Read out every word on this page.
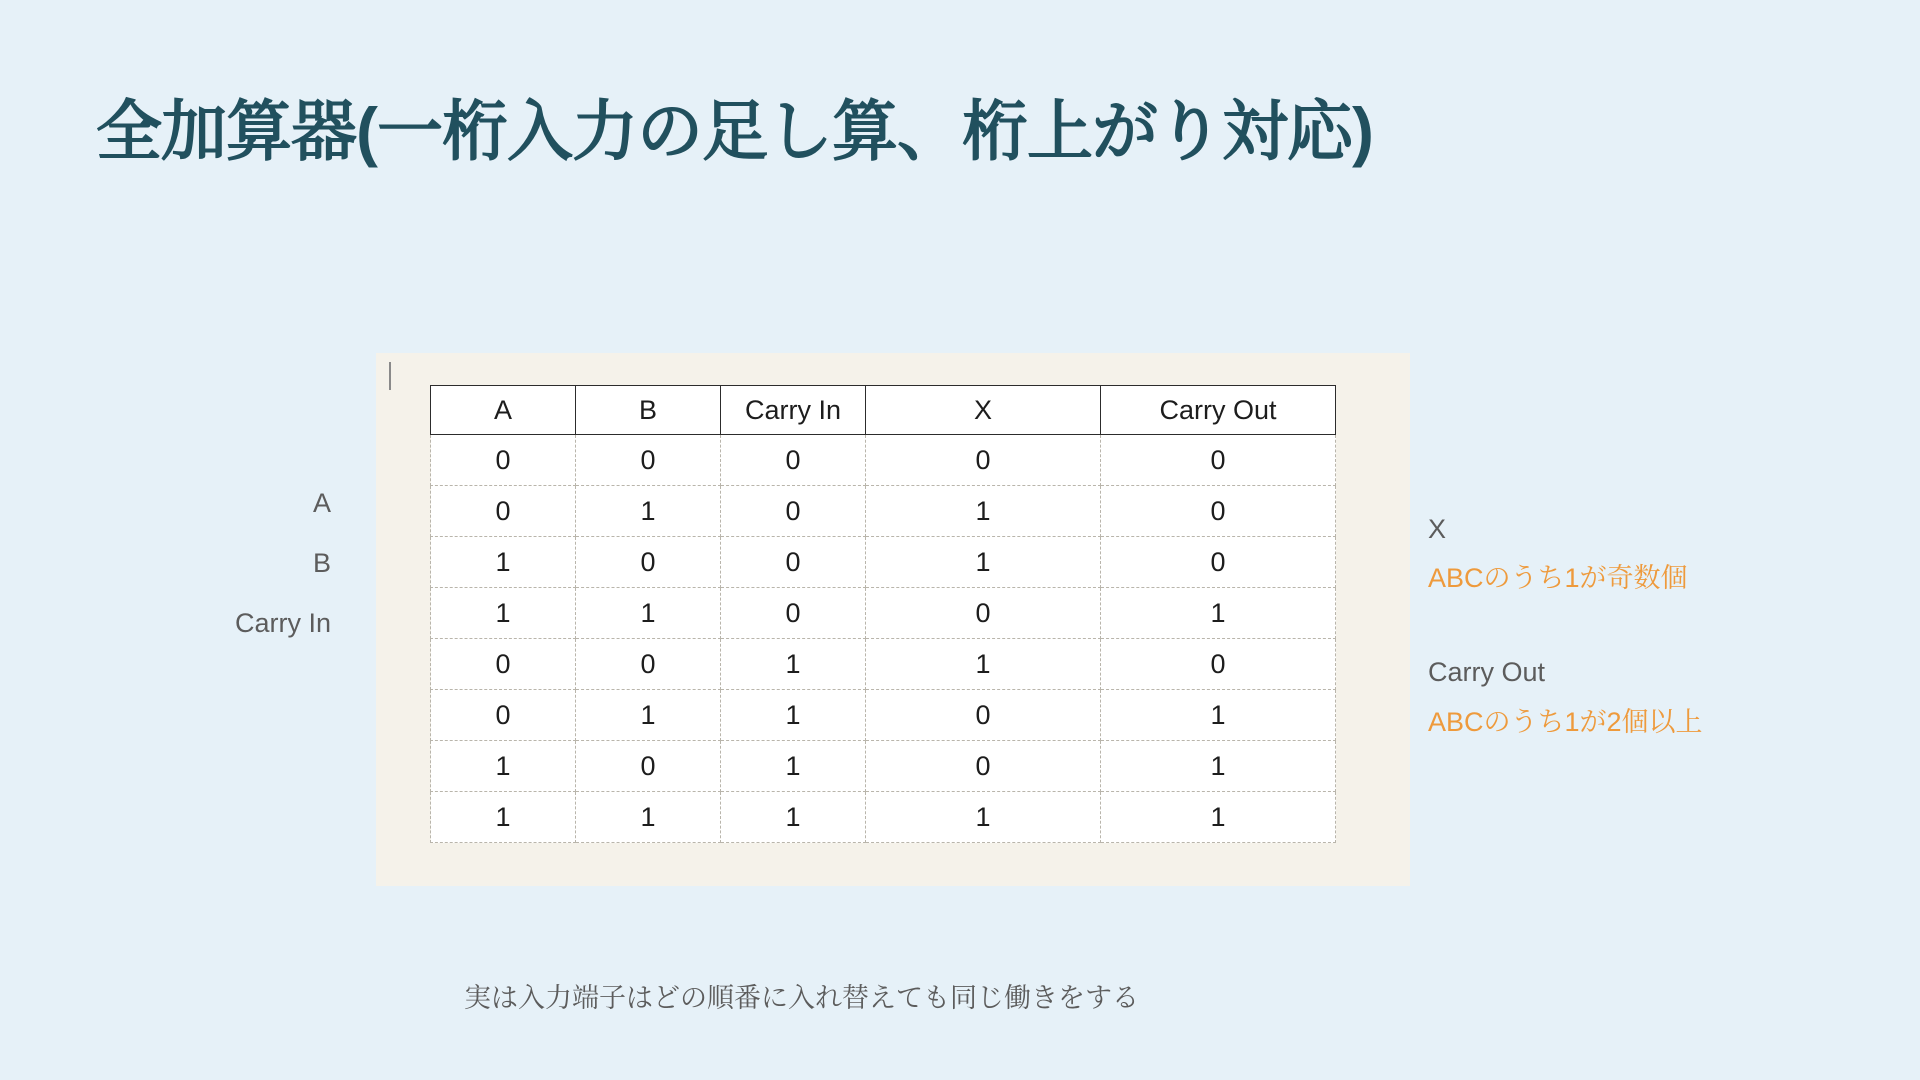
全加算器(一桁入力の足し算、桁上がり対応)
A
B
Carry In
A	B	Carry In	X	Carry Out
0	0	0	0	0
0	1	0	1	0
1	0	0	1	0
1	1	0	0	1
0	0	1	1	0
0	1	1	0	1
1	0	1	0	1
1	1	1	1	1
X
ABCのうち1が奇数個
Carry Out
ABCのうち1が2個以上
実は入力端子はどの順番に入れ替えても同じ働きをする
